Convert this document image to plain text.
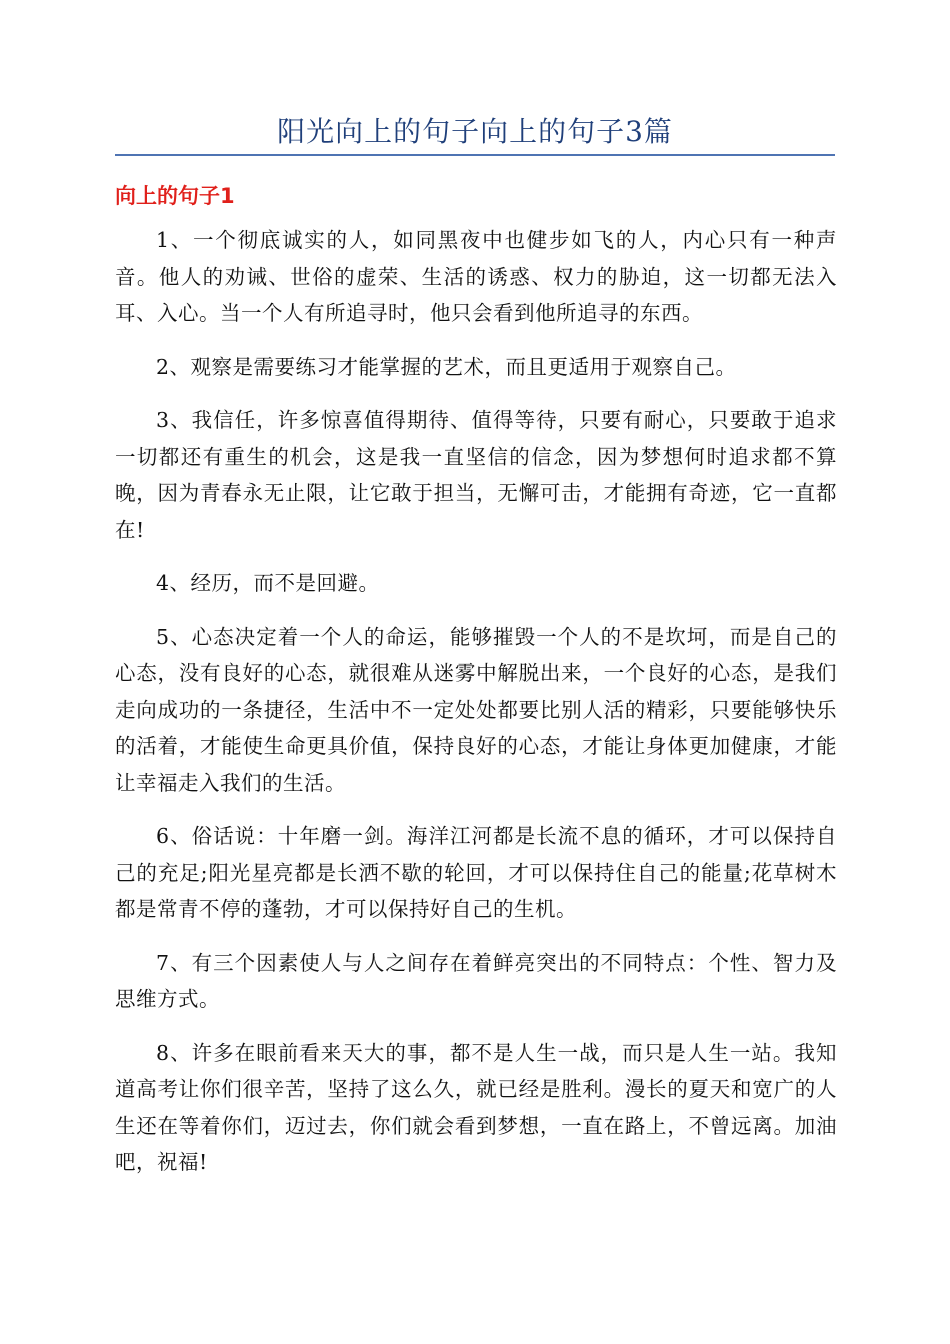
阳光向上的句子向上的句子3篇
向上的句子1

1、一个彻底诚实的人，如同黑夜中也健步如飞的人，内心只有一种声音。他人的劝诫、世俗的虚荣、生活的诱惑、权力的胁迫，这一切都无法入耳、入心。当一个人有所追寻时，他只会看到他所追寻的东西。

2、观察是需要练习才能掌握的艺术，而且更适用于观察自己。

3、我信任，许多惊喜值得期待、值得等待，只要有耐心，只要敢于追求一切都还有重生的机会，这是我一直坚信的信念，因为梦想何时追求都不算晚，因为青春永无止限，让它敢于担当，无懈可击，才能拥有奇迹，它一直都在!

4、经历，而不是回避。

5、心态决定着一个人的命运，能够摧毁一个人的不是坎坷，而是自己的心态，没有良好的心态，就很难从迷雾中解脱出来，一个良好的心态，是我们走向成功的一条捷径，生活中不一定处处都要比别人活的精彩，只要能够快乐的活着，才能使生命更具价值，保持良好的心态，才能让身体更加健康，才能让幸福走入我们的生活。

6、俗话说：十年磨一剑。海洋江河都是长流不息的循环，才可以保持自己的充足;阳光星亮都是长洒不歇的轮回，才可以保持住自己的能量;花草树木都是常青不停的蓬勃，才可以保持好自己的生机。

7、有三个因素使人与人之间存在着鲜亮突出的不同特点：个性、智力及思维方式。

8、许多在眼前看来天大的事，都不是人生一战，而只是人生一站。我知道高考让你们很辛苦，坚持了这么久，就已经是胜利。漫长的夏天和宽广的人生还在等着你们，迈过去，你们就会看到梦想，一直在路上，不曾远离。加油吧，祝福!
